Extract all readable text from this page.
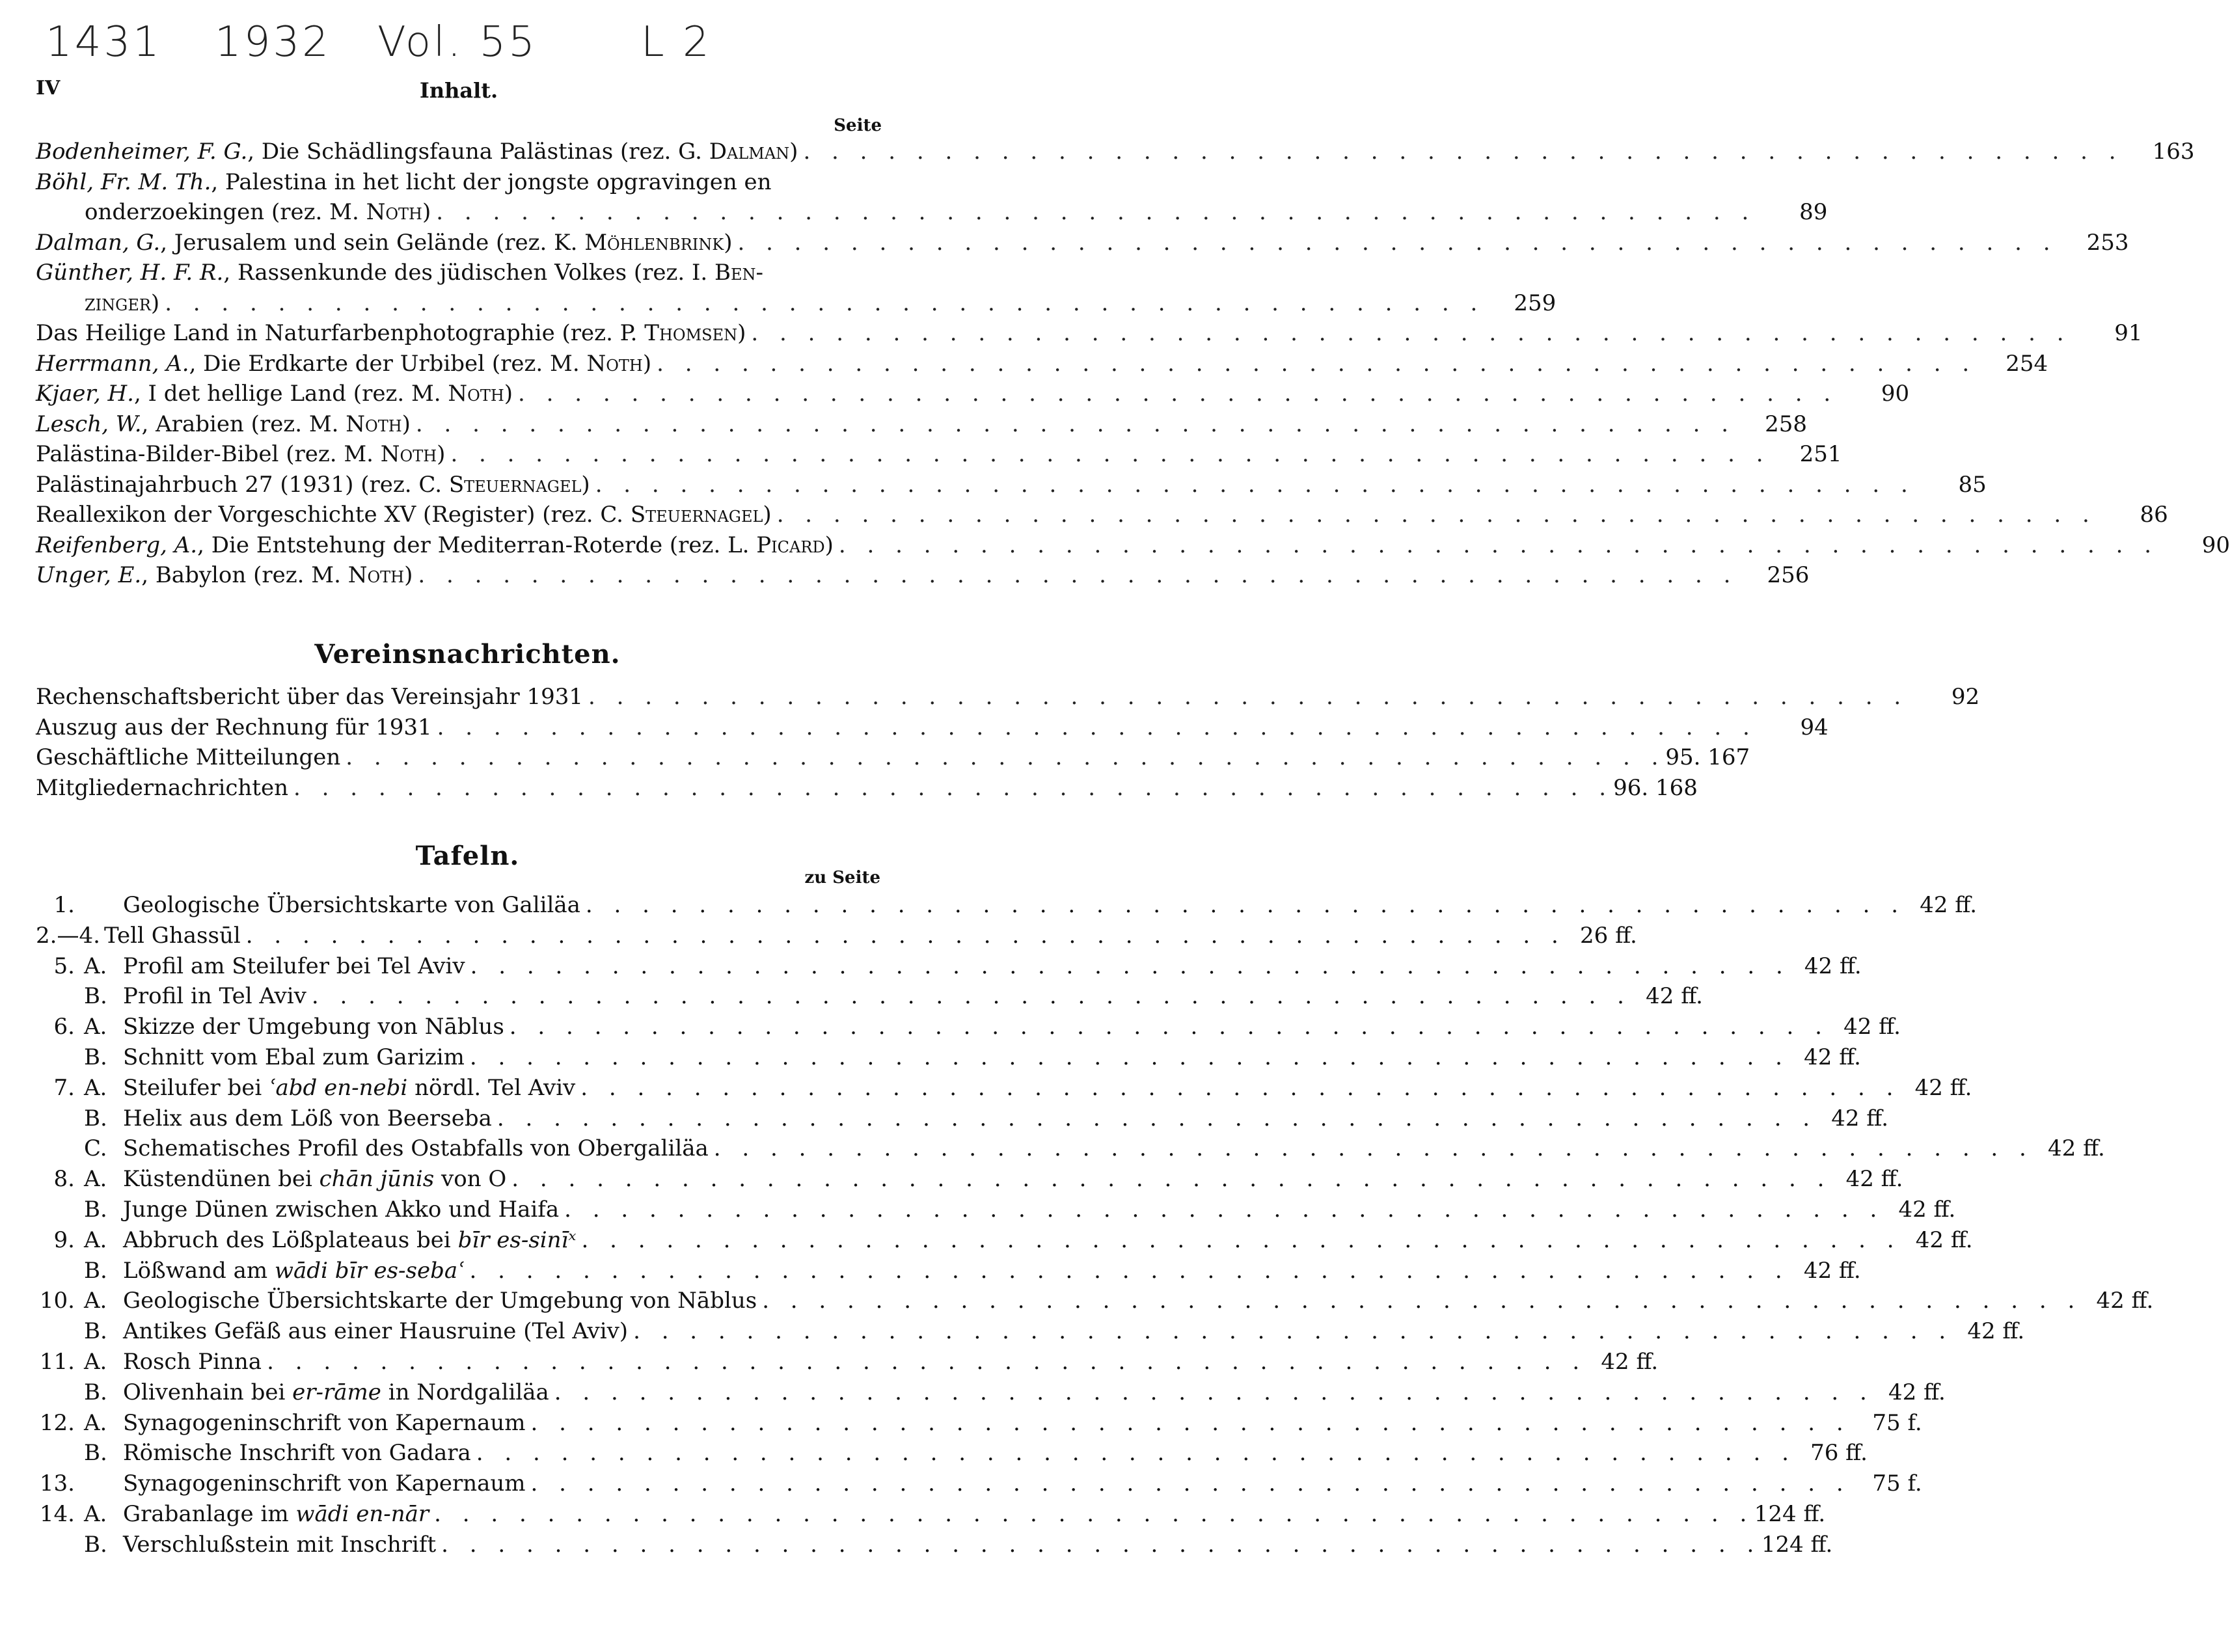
1431 1932 Vol. 55 L 2
IV	Inhalt.
Seite
Bodenheimer, F. G., Die Schädlingsfauna Palästinas (rez. G. Dalman) . . . . . . . . . . . . . . . . . . . . . . . . . . . . . . . . . . . . . . . . . . . . . . .	163
Böhl, Fr. M. Th., Palestina in het licht der jongste opgravingen en
onderzoekingen (rez. M. Noth) . . . . . . . . . . . . . . . . . . . . . . . . . . . . . . . . . . . . . . . . . . . . . . .	89
Dalman, G., Jerusalem und sein Gelände (rez. K. Möhlenbrink) . . . . . . . . . . . . . . . . . . . . . . . . . . . . . . . . . . . . . . . . . . . . . . .	253
Günther, H. F. R., Rassenkunde des jüdischen Volkes (rez. I. Ben-
zinger) . . . . . . . . . . . . . . . . . . . . . . . . . . . . . . . . . . . . . . . . . . . . . . .	259
Das Heilige Land in Naturfarbenphotographie (rez. P. Thomsen) . . . . . . . . . . . . . . . . . . . . . . . . . . . . . . . . . . . . . . . . . . . . . . .	91
Herrmann, A., Die Erdkarte der Urbibel (rez. M. Noth) . . . . . . . . . . . . . . . . . . . . . . . . . . . . . . . . . . . . . . . . . . . . . . .	254
Kjaer, H., I det hellige Land (rez. M. Noth) . . . . . . . . . . . . . . . . . . . . . . . . . . . . . . . . . . . . . . . . . . . . . . .	90
Lesch, W., Arabien (rez. M. Noth) . . . . . . . . . . . . . . . . . . . . . . . . . . . . . . . . . . . . . . . . . . . . . . .	258
Palästina-Bilder-Bibel (rez. M. Noth) . . . . . . . . . . . . . . . . . . . . . . . . . . . . . . . . . . . . . . . . . . . . . . .	251
Palästinajahrbuch 27 (1931) (rez. C. Steuernagel) . . . . . . . . . . . . . . . . . . . . . . . . . . . . . . . . . . . . . . . . . . . . . . .	85
Reallexikon der Vorgeschichte XV (Register) (rez. C. Steuernagel) . . . . . . . . . . . . . . . . . . . . . . . . . . . . . . . . . . . . . . . . . . . . . . .	86
Reifenberg, A., Die Entstehung der Mediterran-Roterde (rez. L. Picard) . . . . . . . . . . . . . . . . . . . . . . . . . . . . . . . . . . . . . . . . . . . . . . .	90
Unger, E., Babylon (rez. M. Noth) . . . . . . . . . . . . . . . . . . . . . . . . . . . . . . . . . . . . . . . . . . . . . . .	256
Vereinsnachrichten.
Rechenschaftsbericht über das Vereinsjahr 1931 . . . . . . . . . . . . . . . . . . . . . . . . . . . . . . . . . . . . . . . . . . . . . . .	92
Auszug aus der Rechnung für 1931 . . . . . . . . . . . . . . . . . . . . . . . . . . . . . . . . . . . . . . . . . . . . . . .	94
Geschäftliche Mitteilungen . . . . . . . . . . . . . . . . . . . . . . . . . . . . . . . . . . . . . . . . . . . . . . . 95. 167
Mitgliedernachrichten . . . . . . . . . . . . . . . . . . . . . . . . . . . . . . . . . . . . . . . . . . . . . . . 96. 168
Tafeln.
zu Seite
1. Geologische Übersichtskarte von Galiläa . . . . . . . . . . . . . . . . . . . . . . . . . . . . . . . . . . . . . . . . . . . . . . . 42 ff.
2.—4. Tell Ghassūl . . . . . . . . . . . . . . . . . . . . . . . . . . . . . . . . . . . . . . . . . . . . . . . 26 ff.
5. A. Profil am Steilufer bei Tel Aviv . . . . . . . . . . . . . . . . . . . . . . . . . . . . . . . . . . . . . . . . . . . . . . . 42 ff.
B. Profil in Tel Aviv . . . . . . . . . . . . . . . . . . . . . . . . . . . . . . . . . . . . . . . . . . . . . . . 42 ff.
6. A. Skizze der Umgebung von Nāblus . . . . . . . . . . . . . . . . . . . . . . . . . . . . . . . . . . . . . . . . . . . . . . . 42 ff.
B. Schnitt vom Ebal zum Garizim . . . . . . . . . . . . . . . . . . . . . . . . . . . . . . . . . . . . . . . . . . . . . . . 42 ff.
7. A. Steilufer bei ʿabd en-nebi nördl. Tel Aviv . . . . . . . . . . . . . . . . . . . . . . . . . . . . . . . . . . . . . . . . . . . . . . . 42 ff.
B. Helix aus dem Löß von Beerseba . . . . . . . . . . . . . . . . . . . . . . . . . . . . . . . . . . . . . . . . . . . . . . . 42 ff.
C. Schematisches Profil des Ostabfalls von Obergaliläa . . . . . . . . . . . . . . . . . . . . . . . . . . . . . . . . . . . . . . . . . . . . . . . 42 ff.
8. A. Küstendünen bei chān jūnis von O . . . . . . . . . . . . . . . . . . . . . . . . . . . . . . . . . . . . . . . . . . . . . . . 42 ff.
B. Junge Dünen zwischen Akko und Haifa . . . . . . . . . . . . . . . . . . . . . . . . . . . . . . . . . . . . . . . . . . . . . . . 42 ff.
9. A. Abbruch des Lößplateaus bei bīr es-sinīˣ . . . . . . . . . . . . . . . . . . . . . . . . . . . . . . . . . . . . . . . . . . . . . . . 42 ff.
B. Lößwand am wādi bīr es-sebaʿ . . . . . . . . . . . . . . . . . . . . . . . . . . . . . . . . . . . . . . . . . . . . . . . 42 ff.
10. A. Geologische Übersichtskarte der Umgebung von Nāblus . . . . . . . . . . . . . . . . . . . . . . . . . . . . . . . . . . . . . . . . . . . . . . . 42 ff.
B. Antikes Gefäß aus einer Hausruine (Tel Aviv) . . . . . . . . . . . . . . . . . . . . . . . . . . . . . . . . . . . . . . . . . . . . . . . 42 ff.
11. A. Rosch Pinna . . . . . . . . . . . . . . . . . . . . . . . . . . . . . . . . . . . . . . . . . . . . . . . 42 ff.
B. Olivenhain bei er-rāme in Nordgaliläa . . . . . . . . . . . . . . . . . . . . . . . . . . . . . . . . . . . . . . . . . . . . . . . 42 ff.
12. A. Synagogeninschrift von Kapernaum . . . . . . . . . . . . . . . . . . . . . . . . . . . . . . . . . . . . . . . . . . . . . . . 75 f.
B. Römische Inschrift von Gadara . . . . . . . . . . . . . . . . . . . . . . . . . . . . . . . . . . . . . . . . . . . . . . . 76 ff.
13. Synagogeninschrift von Kapernaum . . . . . . . . . . . . . . . . . . . . . . . . . . . . . . . . . . . . . . . . . . . . . . . 75 f.
14. A. Grabanlage im wādi en-nār . . . . . . . . . . . . . . . . . . . . . . . . . . . . . . . . . . . . . . . . . . . . . . . 124 ff.
B. Verschlußstein mit Inschrift . . . . . . . . . . . . . . . . . . . . . . . . . . . . . . . . . . . . . . . . . . . . . . . 124 ff.
